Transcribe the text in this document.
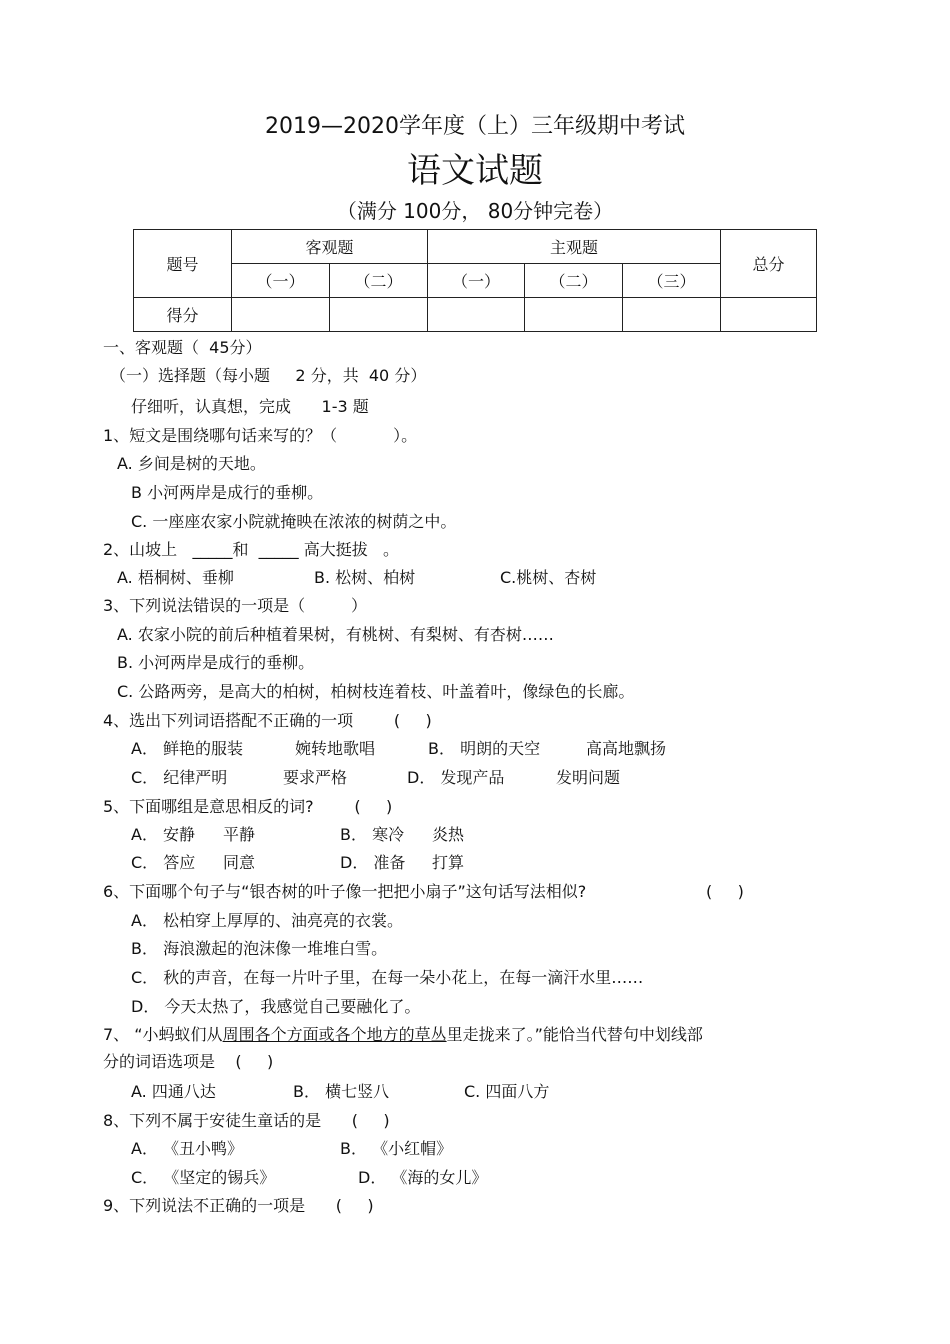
2019—2020学年度（上）三年级期中考试
语文试题
（满分 100分， 80分钟完卷）
题号	客观题		主观题			总分
	（一）	（二）	（一）	（二）	（三）	
得分						
一、客观题（  45分）
（一）选择题（每小题     2 分，共  40 分）
仔细听，认真想，完成      1-3 题
1、短文是围绕哪句话来写的？（           ）。
A. 乡间是树的天地。
B 小河两岸是成行的垂柳。
C. 一座座农家小院就掩映在浓浓的树荫之中。
2、山坡上   _____和  _____ 高大挺拔   。
A. 梧桐树、垂柳	B. 松树、柏树	C.桃树、杏树
3、下列说法错误的一项是（         ）
A. 农家小院的前后种植着果树，有桃树、有梨树、有杏树……
B. 小河两岸是成行的垂柳。
C. 公路两旁，是高大的柏树，柏树枝连着枝、叶盖着叶，像绿色的长廊。
4、选出下列词语搭配不正确的一项        (     )
A． 鲜艳的服装	婉转地歌唱	B． 明朗的天空	高高地飘扬
C． 纪律严明	要求严格	D． 发现产品	发明问题
5、下面哪组是意思相反的词?        (     )
A． 安静 平静	B． 寒冷 炎热
C． 答应 同意	D． 准备 打算
6、下面哪个句子与“银杏树的叶子像一把把小扇子”这句话写法相似?	(     )
A． 松柏穿上厚厚的、油亮亮的衣裳。
B． 海浪激起的泡沫像一堆堆白雪。
C． 秋的声音，在每一片叶子里，在每一朵小花上，在每一滴汗水里……
D． 今天太热了，我感觉自己要融化了。
7、 “小蚂蚁们从周围各个方面或各个地方的草丛里走拢来了。”能恰当代替句中划线部
分的词语选项是    (     )
A. 四通八达	B． 横七竖八	C. 四面八方
8、下列不属于安徒生童话的是      (     )
A． 《丑小鸭》	B． 《小红帽》
C． 《坚定的锡兵》	D． 《海的女儿》
9、下列说法不正确的一项是      (     )
